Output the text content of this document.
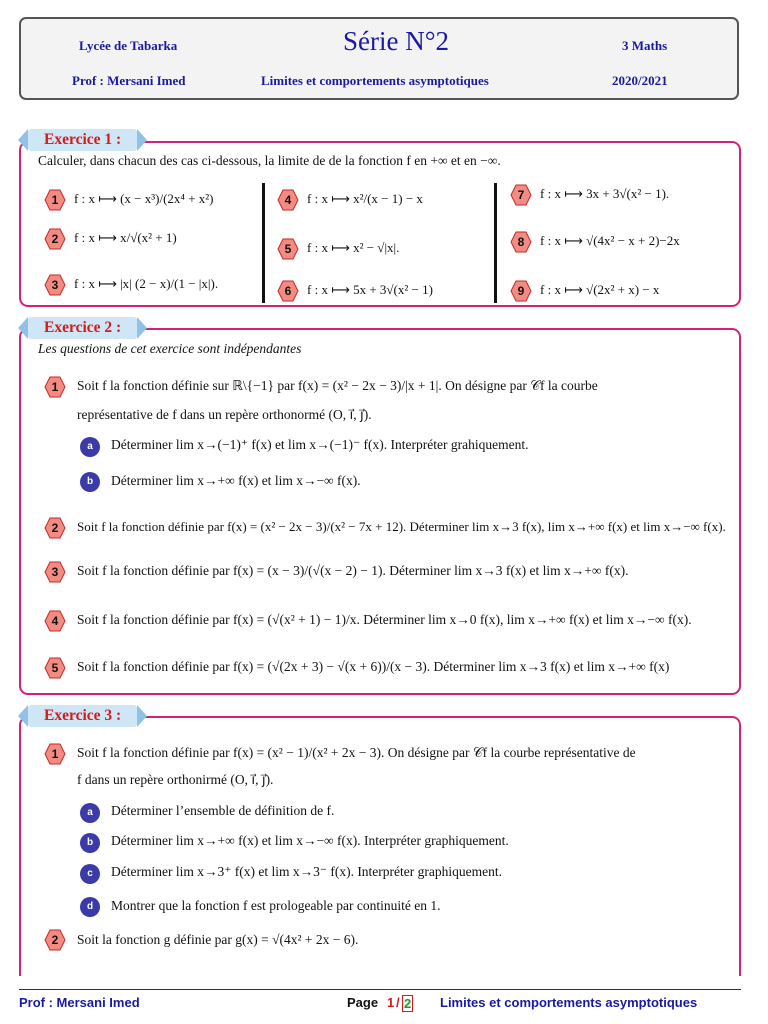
Lycée de Tabarka	Série N°2	3 Maths
Prof : Mersani Imed	Limites et comportements asymptotiques	2020/2021
Exercice 1 :
Calculer, dans chacun des cas ci-dessous, la limite de de la fonction f en +∞ et en −∞.
1	f : x ⟼ (x − x³)/(2x⁴ + x²)
2	f : x ⟼ x/√(x² + 1)
3	f : x ⟼ |x| (2 − x)/(1 − |x|).
4	f : x ⟼ x²/(x − 1) − x
5	f : x ⟼ x² − √|x|.
6	f : x ⟼ 5x + 3√(x² − 1)
7	f : x ⟼ 3x + 3√(x² − 1).
8	f : x ⟼ √(4x² − x + 2)−2x
9	f : x ⟼ √(2x² + x) − x
Exercice 2 :
Les questions de cet exercice sont indépendantes
1	Soit f la fonction définie sur ℝ\{−1} par f(x) = (x² − 2x − 3)/|x + 1|. On désigne par 𝒞f la courbe
représentative de f dans un repère orthonormé (O, i⃗, j⃗).
a	Déterminer lim x→(−1)⁺ f(x) et lim x→(−1)⁻ f(x). Interpréter grahiquement.
b	Déterminer lim x→+∞ f(x) et lim x→−∞ f(x).
2	Soit f la fonction définie par f(x) = (x² − 2x − 3)/(x² − 7x + 12). Déterminer lim x→3 f(x), lim x→+∞ f(x) et lim x→−∞ f(x).
3	Soit f la fonction définie par f(x) = (x − 3)/(√(x − 2) − 1). Déterminer lim x→3 f(x) et lim x→+∞ f(x).
4	Soit f la fonction définie par f(x) = (√(x² + 1) − 1)/x. Déterminer lim x→0 f(x), lim x→+∞ f(x) et lim x→−∞ f(x).
5	Soit f la fonction définie par f(x) = (√(2x + 3) − √(x + 6))/(x − 3). Déterminer lim x→3 f(x) et lim x→+∞ f(x)
Exercice 3 :
1	Soit f la fonction définie par f(x) = (x² − 1)/(x² + 2x − 3). On désigne par 𝒞f la courbe représentative de
f dans un repère orthonirmé (O, i⃗, j⃗).
a	Déterminer l’ensemble de définition de f.
b	Déterminer lim x→+∞ f(x) et lim x→−∞ f(x). Interpréter graphiquement.
c	Déterminer lim x→3⁺ f(x) et lim x→3⁻ f(x). Interpréter graphiquement.
d	Montrer que la fonction f est prologeable par continuité en 1.
2	Soit la fonction g définie par g(x) = √(4x² + 2x − 6).
Prof : Mersani Imed	Page 1 / 2 Limites et comportements asymptotiques
